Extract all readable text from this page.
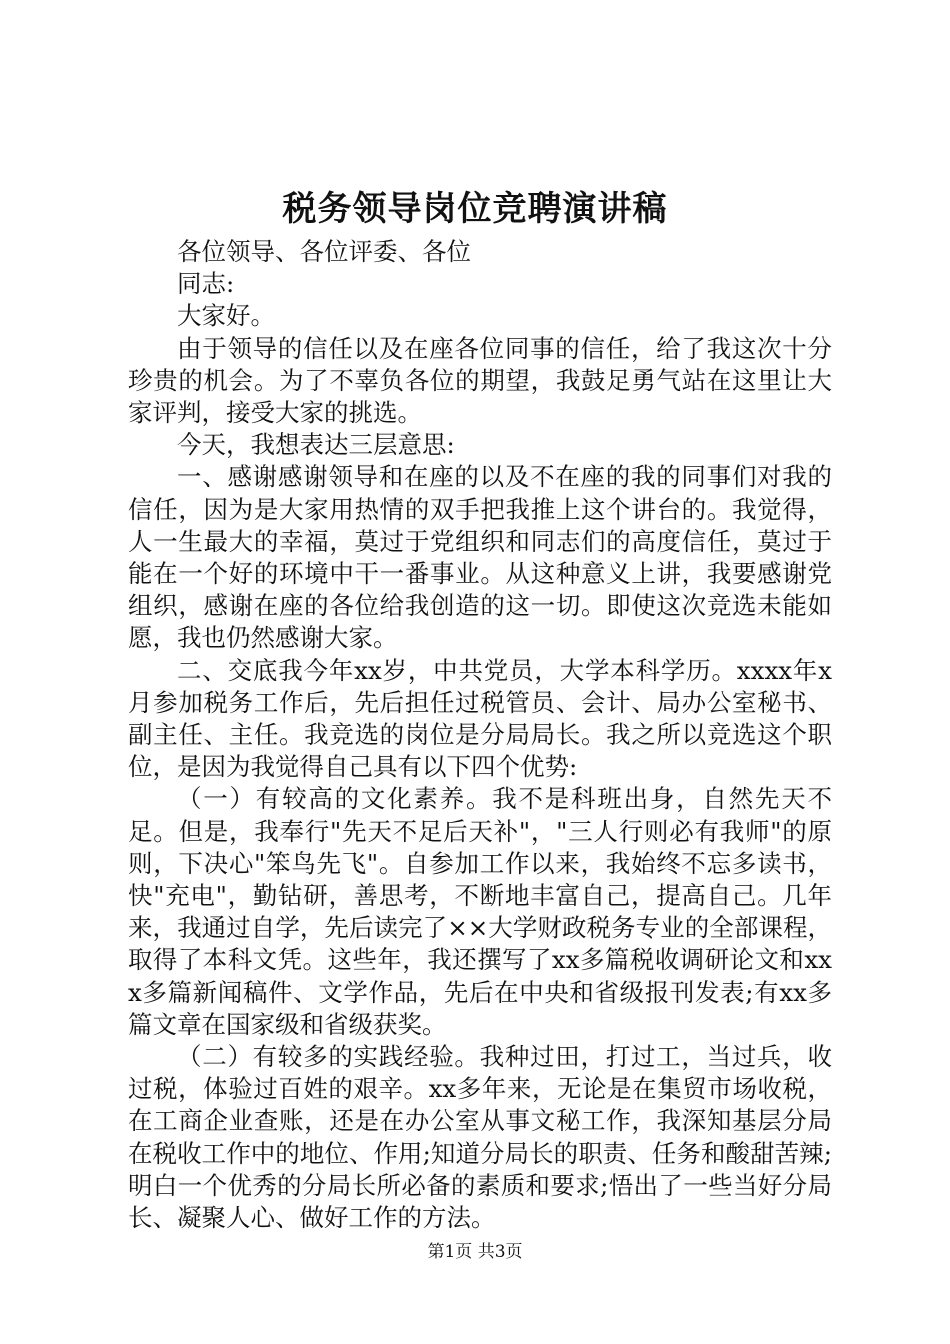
税务领导岗位竞聘演讲稿

各位领导、各位评委、各位

同志:

大家好。

由于领导的信任以及在座各位同事的信任，给了我这次十分珍贵的机会。为了不辜负各位的期望，我鼓足勇气站在这里让大家评判，接受大家的挑选。

今天，我想表达三层意思:

一、感谢感谢领导和在座的以及不在座的我的同事们对我的信任，因为是大家用热情的双手把我推上这个讲台的。我觉得，人一生最大的幸福，莫过于党组织和同志们的高度信任，莫过于能在一个好的环境中干一番事业。从这种意义上讲，我要感谢党组织，感谢在座的各位给我创造的这一切。即使这次竞选未能如愿，我也仍然感谢大家。

二、交底我今年xx岁，中共党员，大学本科学历。xxxx年x月参加税务工作后，先后担任过税管员、会计、局办公室秘书、副主任、主任。我竞选的岗位是分局局长。我之所以竞选这个职位，是因为我觉得自己具有以下四个优势:

（一）有较高的文化素养。我不是科班出身，自然先天不足。但是，我奉行"先天不足后天补"，"三人行则必有我师"的原则，下决心"笨鸟先飞"。自参加工作以来，我始终不忘多读书，快"充电"，勤钻研，善思考，不断地丰富自己，提高自己。几年来，我通过自学，先后读完了××大学财政税务专业的全部课程，取得了本科文凭。这些年，我还撰写了xx多篇税收调研论文和xxx多篇新闻稿件、文学作品，先后在中央和省级报刊发表;有xx多篇文章在国家级和省级获奖。

（二）有较多的实践经验。我种过田，打过工，当过兵，收过税，体验过百姓的艰辛。xx多年来，无论是在集贸市场收税，在工商企业查账，还是在办公室从事文秘工作，我深知基层分局在税收工作中的地位、作用;知道分局长的职责、任务和酸甜苦辣;明白一个优秀的分局长所必备的素质和要求;悟出了一些当好分局长、凝聚人心、做好工作的方法。

第1页 共3页
